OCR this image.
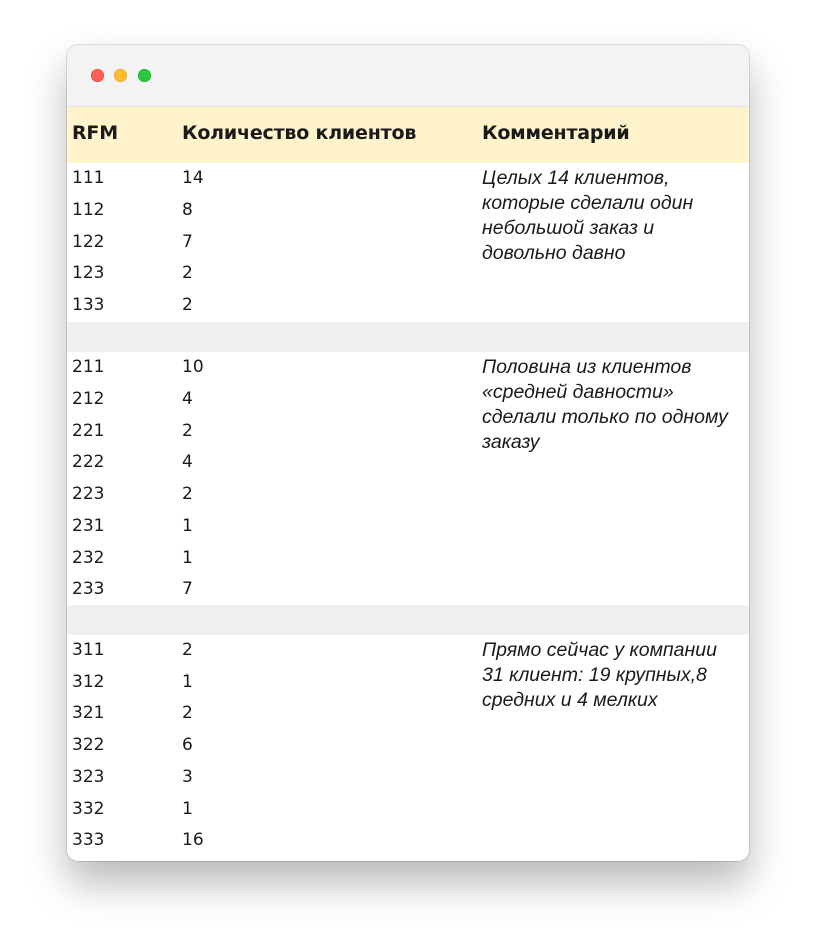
RFM	Количество клиентов	Комментарий
111	14
112	8
122	7
123	2
133	2
Целых 14 клиентов, которые сделали один небольшой заказ и довольно давно
211	10
212	4
221	2
222	4
223	2
231	1
232	1
233	7
Половина из клиентов «средней давности» сделали только по одному заказу
311	2
312	1
321	2
322	6
323	3
332	1
333	16
Прямо сейчас у компании 31 клиент: 19 крупных,8 средних и 4 мелких
